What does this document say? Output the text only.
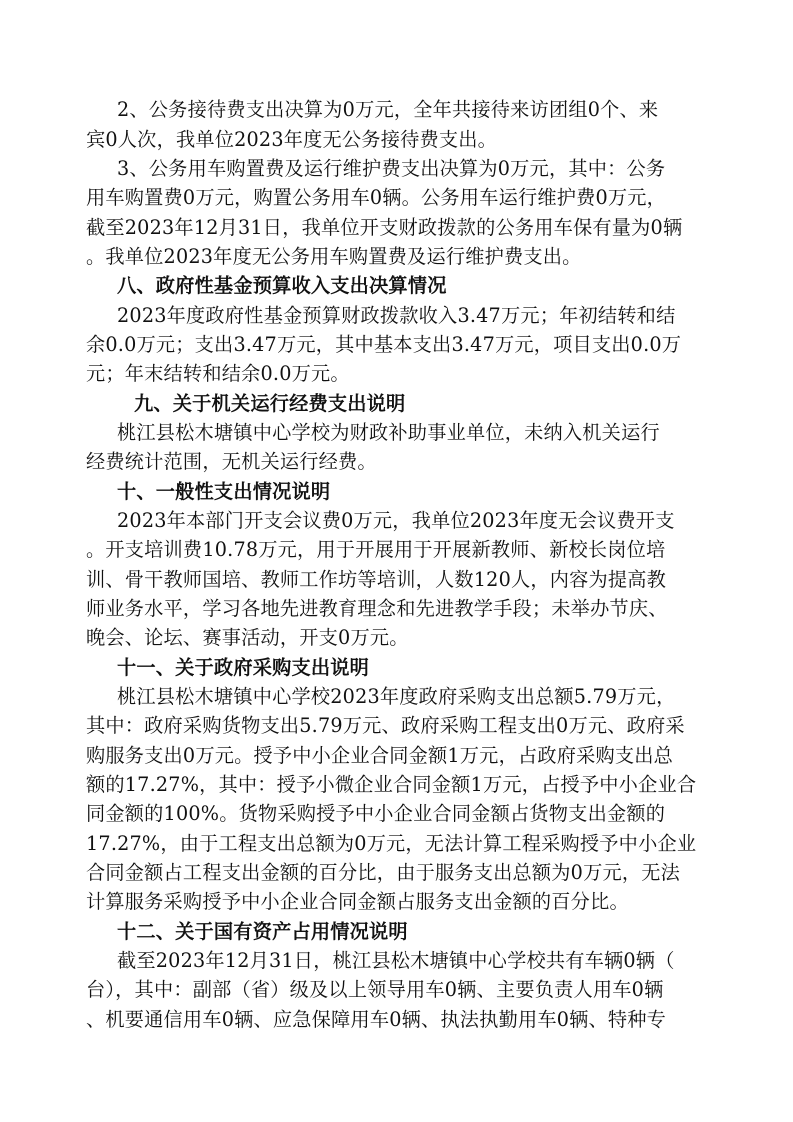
2、公务接待费支出决算为0万元，全年共接待来访团组0个、来
宾0人次，我单位2023年度无公务接待费支出。
3、公务用车购置费及运行维护费支出决算为0万元，其中：公务
用车购置费0万元，购置公务用车0辆。公务用车运行维护费0万元，
截至2023年12月31日，我单位开支财政拨款的公务用车保有量为0辆
。我单位2023年度无公务用车购置费及运行维护费支出。
八、政府性基金预算收入支出决算情况
2023年度政府性基金预算财政拨款收入3.47万元；年初结转和结
余0.0万元；支出3.47万元，其中基本支出3.47万元，项目支出0.0万
元；年末结转和结余0.0万元。
九、关于机关运行经费支出说明
桃江县松木塘镇中心学校为财政补助事业单位，未纳入机关运行
经费统计范围，无机关运行经费。
十、一般性支出情况说明
2023年本部门开支会议费0万元，我单位2023年度无会议费开支
。开支培训费10.78万元，用于开展用于开展新教师、新校长岗位培
训、骨干教师国培、教师工作坊等培训，人数120人，内容为提高教
师业务水平，学习各地先进教育理念和先进教学手段；未举办节庆、
晚会、论坛、赛事活动，开支0万元。
十一、关于政府采购支出说明
桃江县松木塘镇中心学校2023年度政府采购支出总额5.79万元，
其中：政府采购货物支出5.79万元、政府采购工程支出0万元、政府采
购服务支出0万元。授予中小企业合同金额1万元，占政府采购支出总
额的17.27%，其中：授予小微企业合同金额1万元，占授予中小企业合
同金额的100%。货物采购授予中小企业合同金额占货物支出金额的
17.27%，由于工程支出总额为0万元，无法计算工程采购授予中小企业
合同金额占工程支出金额的百分比，由于服务支出总额为0万元，无法
计算服务采购授予中小企业合同金额占服务支出金额的百分比。
十二、关于国有资产占用情况说明
截至2023年12月31日，桃江县松木塘镇中心学校共有车辆0辆（
台），其中：副部（省）级及以上领导用车0辆、主要负责人用车0辆
、机要通信用车0辆、应急保障用车0辆、执法执勤用车0辆、特种专
